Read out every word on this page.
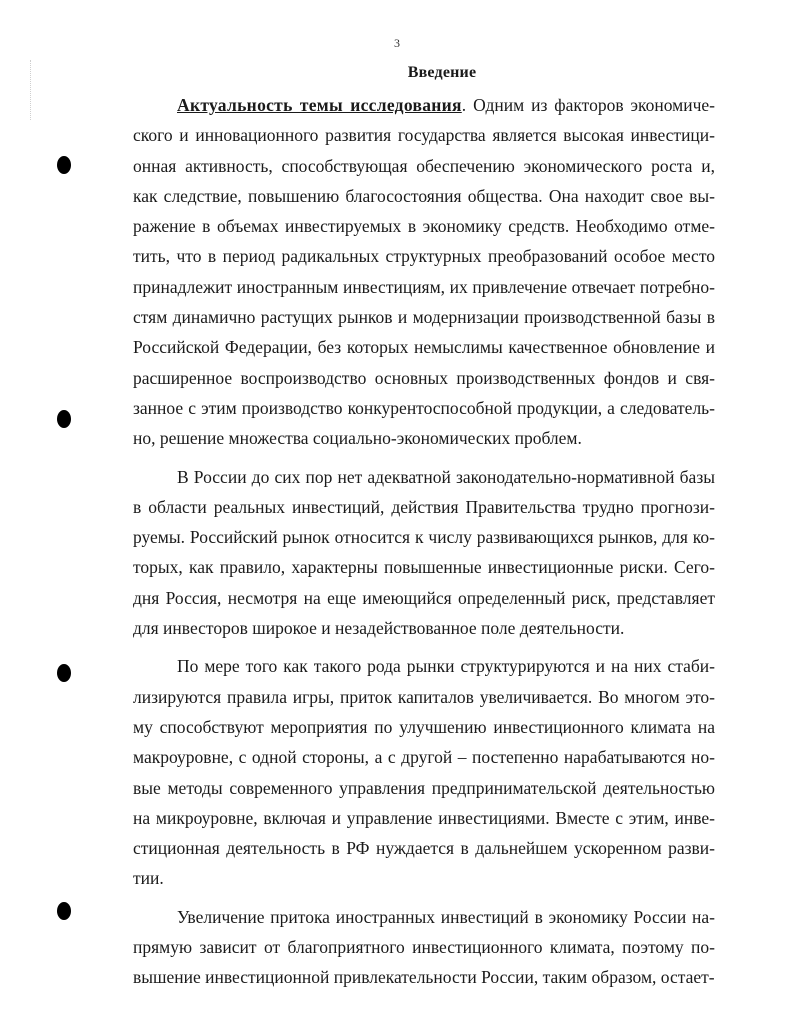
3
Введение

Актуальность темы исследования. Одним из факторов экономического и инновационного развития государства является высокая инвестиционная активность, способствующая обеспечению экономического роста и, как следствие, повышению благосостояния общества. Она находит свое выражение в объемах инвестируемых в экономику средств. Необходимо отметить, что в период радикальных структурных преобразований особое место принадлежит иностранным инвестициям, их привлечение отвечает потребностям динамично растущих рынков и модернизации производственной базы в Российской Федерации, без которых немыслимы качественное обновление и расширенное воспроизводство основных производственных фондов и связанное с этим производство конкурентоспособной продукции, а следовательно, решение множества социально-экономических проблем.

В России до сих пор нет адекватной законодательно-нормативной базы в области реальных инвестиций, действия Правительства трудно прогнозируемы. Российский рынок относится к числу развивающихся рынков, для которых, как правило, характерны повышенные инвестиционные риски. Сегодня Россия, несмотря на еще имеющийся определенный риск, представляет для инвесторов широкое и незадействованное поле деятельности.

По мере того как такого рода рынки структурируются и на них стабилизируются правила игры, приток капиталов увеличивается. Во многом этому способствуют мероприятия по улучшению инвестиционного климата на макроуровне, с одной стороны, а с другой – постепенно нарабатываются новые методы современного управления предпринимательской деятельностью на микроуровне, включая и управление инвестициями. Вместе с этим, инвестиционная деятельность в РФ нуждается в дальнейшем ускоренном развитии.

Увеличение притока иностранных инвестиций в экономику России напрямую зависит от благоприятного инвестиционного климата, поэтому повышение инвестиционной привлекательности России, таким образом, остает-
